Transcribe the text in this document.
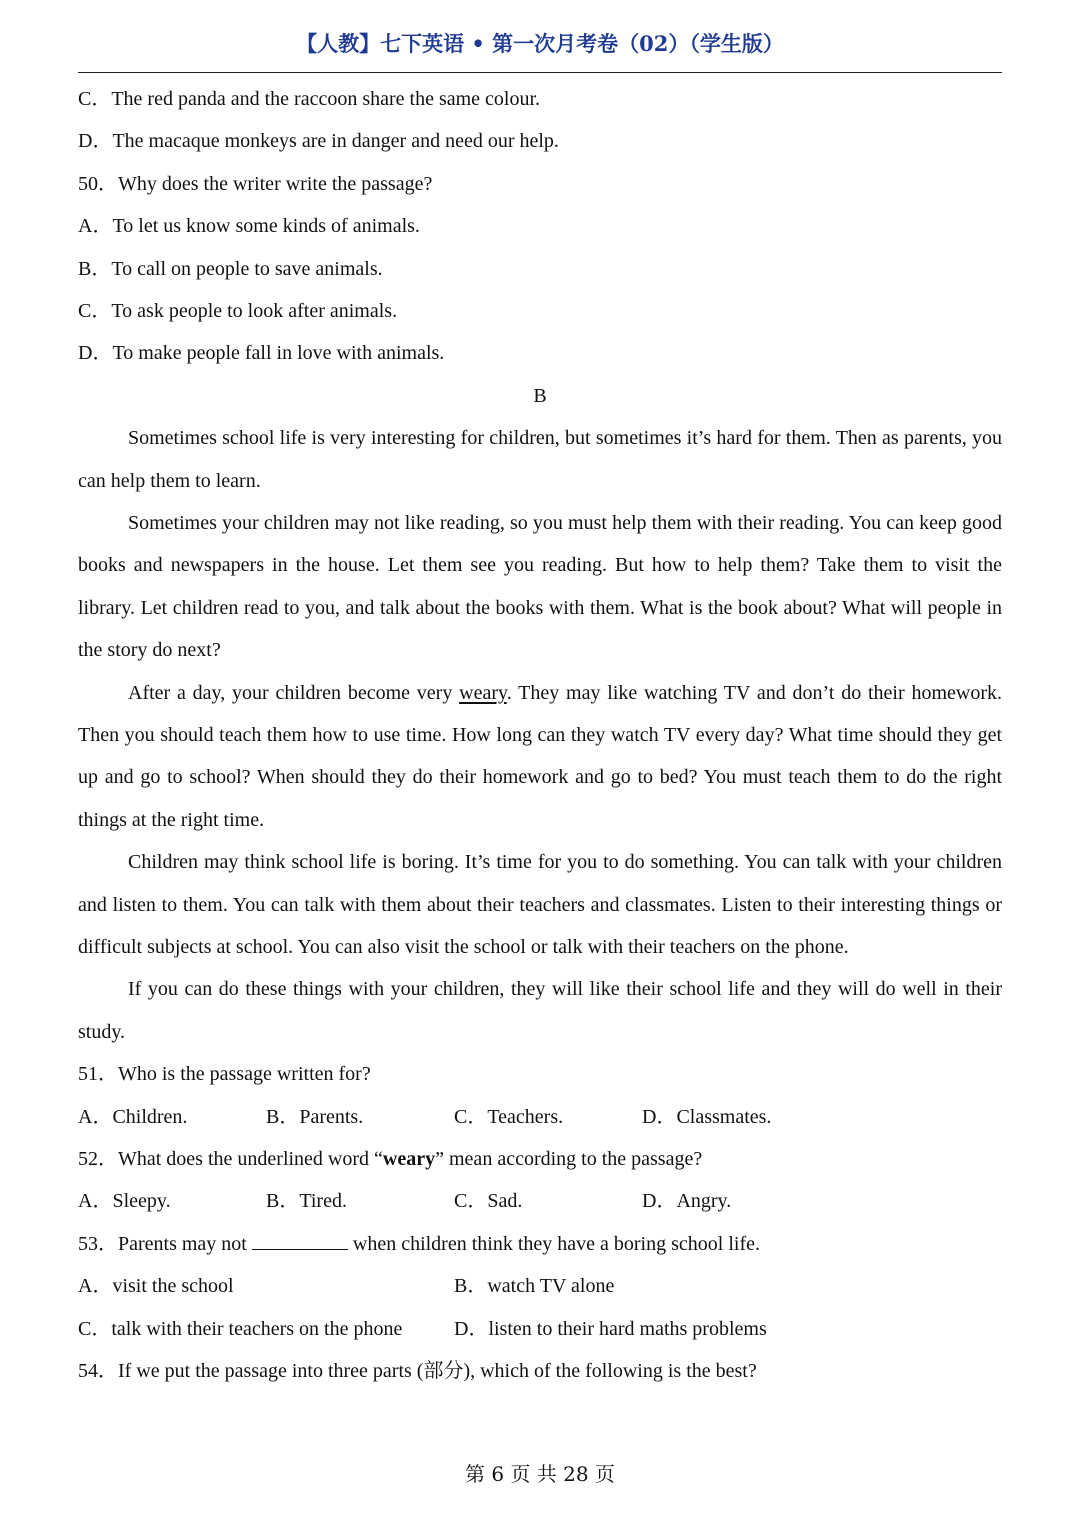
【人教】七下英语 • 第一次月考卷（02）（学生版）
C．The red panda and the raccoon share the same colour.
D．The macaque monkeys are in danger and need our help.
50．Why does the writer write the passage?
A．To let us know some kinds of animals.
B．To call on people to save animals.
C．To ask people to look after animals.
D．To make people fall in love with animals.
B
Sometimes school life is very interesting for children, but sometimes it’s hard for them. Then as parents, you can help them to learn.
Sometimes your children may not like reading, so you must help them with their reading. You can keep good books and newspapers in the house. Let them see you reading. But how to help them? Take them to visit the library. Let children read to you, and talk about the books with them. What is the book about? What will people in the story do next?
After a day, your children become very weary. They may like watching TV and don’t do their homework. Then you should teach them how to use time. How long can they watch TV every day? What time should they get up and go to school? When should they do their homework and go to bed? You must teach them to do the right things at the right time.
Children may think school life is boring. It’s time for you to do something. You can talk with your children and listen to them. You can talk with them about their teachers and classmates. Listen to their interesting things or difficult subjects at school. You can also visit the school or talk with their teachers on the phone.
If you can do these things with your children, they will like their school life and they will do well in their study.
51．Who is the passage written for?
A．Children.	B．Parents.	C．Teachers.	D．Classmates.
52．What does the underlined word “weary” mean according to the passage?
A．Sleepy.	B．Tired.	C．Sad.	D．Angry.
53．Parents may not	when children think they have a boring school life.
A．visit the school	B．watch TV alone
C．talk with their teachers on the phone	D．listen to their hard maths problems
54．If we put the passage into three parts (部分), which of the following is the best?
第 6 页 共 28 页
